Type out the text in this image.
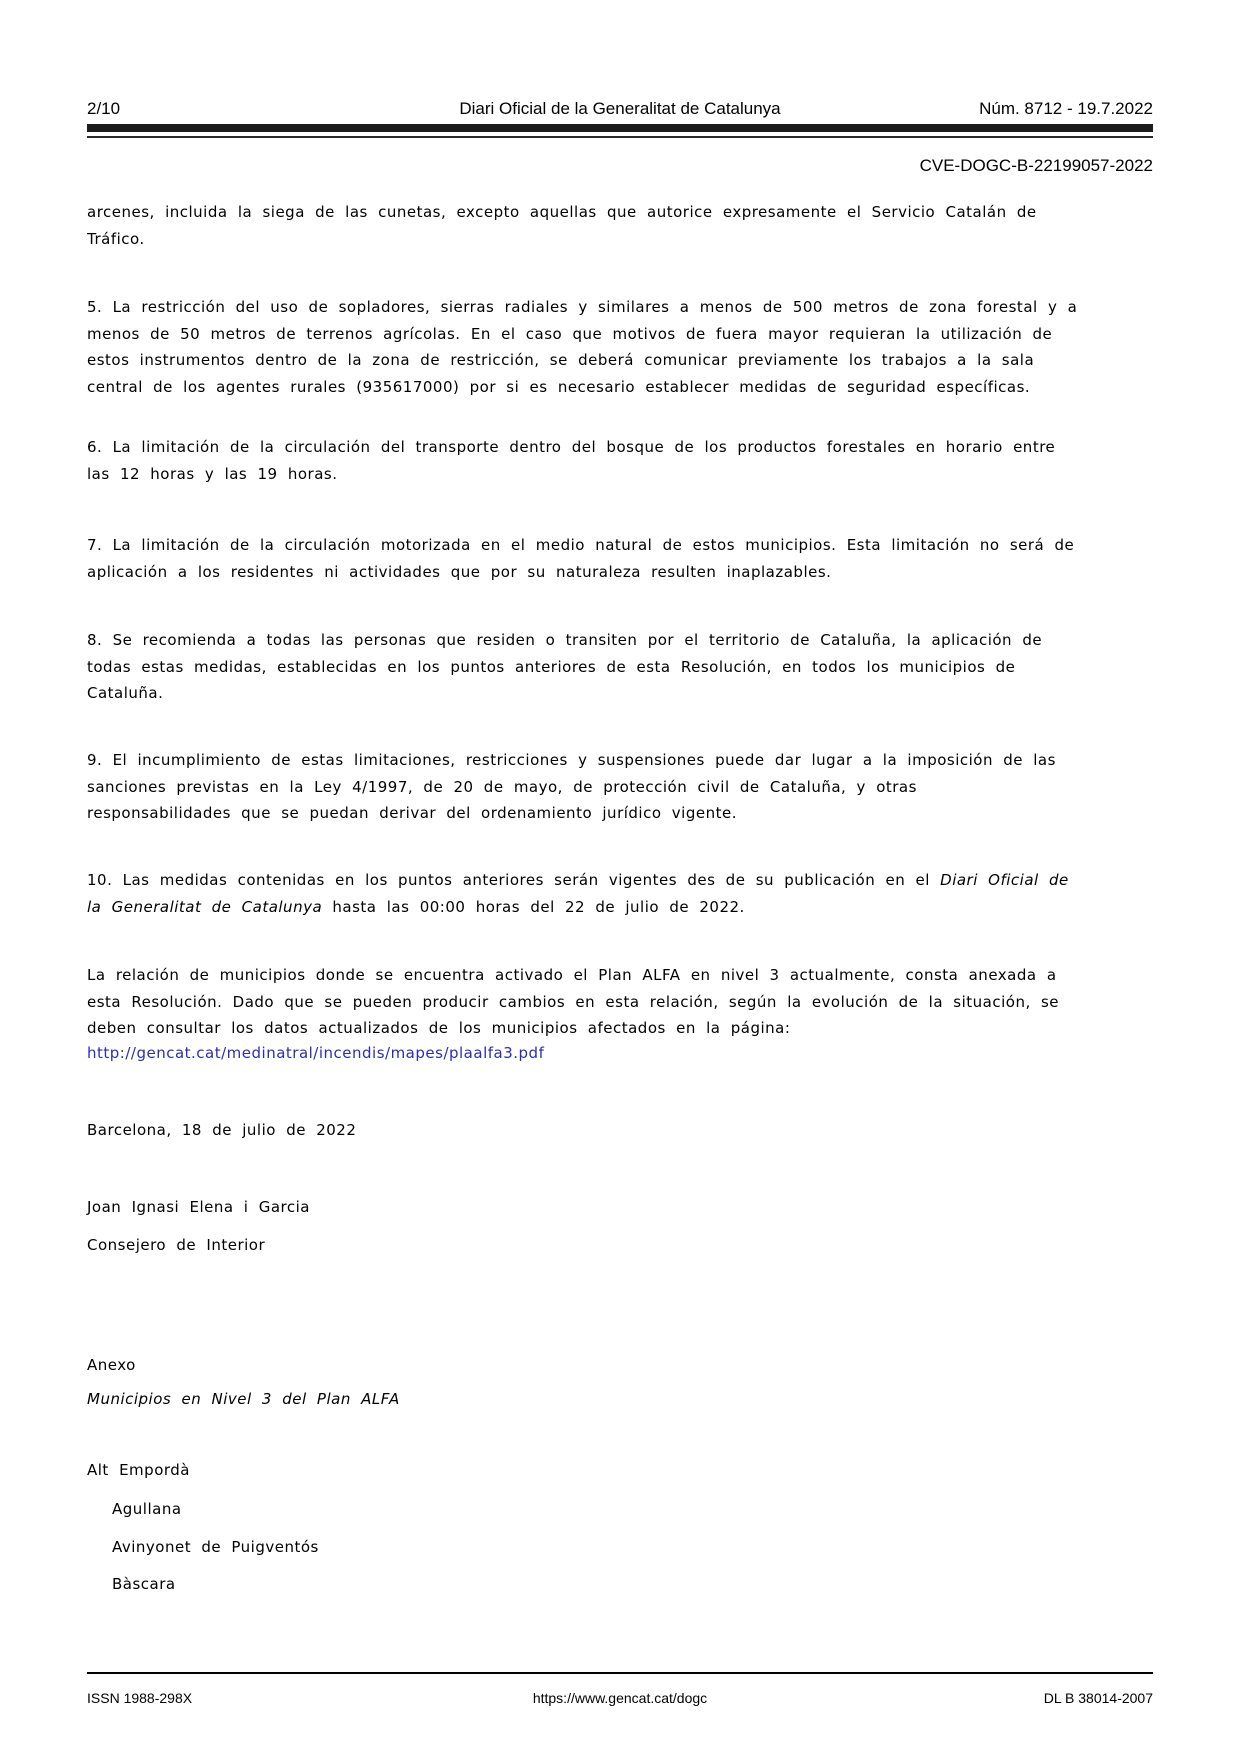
2/10	Diari Oficial de la Generalitat de Catalunya	Núm. 8712 - 19.7.2022
CVE-DOGC-B-22199057-2022
arcenes, incluida la siega de las cunetas, excepto aquellas que autorice expresamente el Servicio Catalán de
Tráfico.
5. La restricción del uso de sopladores, sierras radiales y similares a menos de 500 metros de zona forestal y a
menos de 50 metros de terrenos agrícolas. En el caso que motivos de fuera mayor requieran la utilización de
estos instrumentos dentro de la zona de restricción, se deberá comunicar previamente los trabajos a la sala
central de los agentes rurales (935617000) por si es necesario establecer medidas de seguridad específicas.
6. La limitación de la circulación del transporte dentro del bosque de los productos forestales en horario entre
las 12 horas y las 19 horas.
7. La limitación de la circulación motorizada en el medio natural de estos municipios. Esta limitación no será de
aplicación a los residentes ni actividades que por su naturaleza resulten inaplazables.
8. Se recomienda a todas las personas que residen o transiten por el territorio de Cataluña, la aplicación de
todas estas medidas, establecidas en los puntos anteriores de esta Resolución, en todos los municipios de
Cataluña.
9. El incumplimiento de estas limitaciones, restricciones y suspensiones puede dar lugar a la imposición de las
sanciones previstas en la Ley 4/1997, de 20 de mayo, de protección civil de Cataluña, y otras
responsabilidades que se puedan derivar del ordenamiento jurídico vigente.
10. Las medidas contenidas en los puntos anteriores serán vigentes des de su publicación en el Diari Oficial de
la Generalitat de Catalunya hasta las 00:00 horas del 22 de julio de 2022.
La relación de municipios donde se encuentra activado el Plan ALFA en nivel 3 actualmente, consta anexada a
esta Resolución. Dado que se pueden producir cambios en esta relación, según la evolución de la situación, se
deben consultar los datos actualizados de los municipios afectados en la página:
http://gencat.cat/medinatral/incendis/mapes/plaalfa3.pdf
Barcelona, 18 de julio de 2022
Joan Ignasi Elena i Garcia
Consejero de Interior
Anexo
Municipios en Nivel 3 del Plan ALFA
Alt Empordà
Agullana
Avinyonet de Puigventós
Bàscara
ISSN 1988-298X	https://www.gencat.cat/dogc	DL B 38014-2007
